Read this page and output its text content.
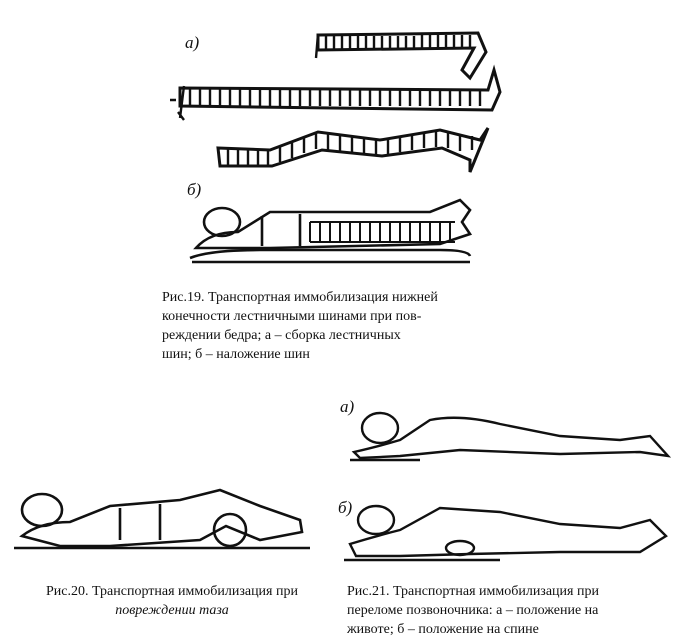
а)
б)
Рис.19. Транспортная иммобилизация нижней
конечности лестничными шинами при пов-
реждении бедра; а – сборка лестничных
шин; б – наложение шин
а)
Рис.20. Транспортная иммобилизация при
повреждении таза
б)
Рис.21. Транспортная иммобилизация при
переломе позвоночника: а – положение на
животе; б – положение на спине
